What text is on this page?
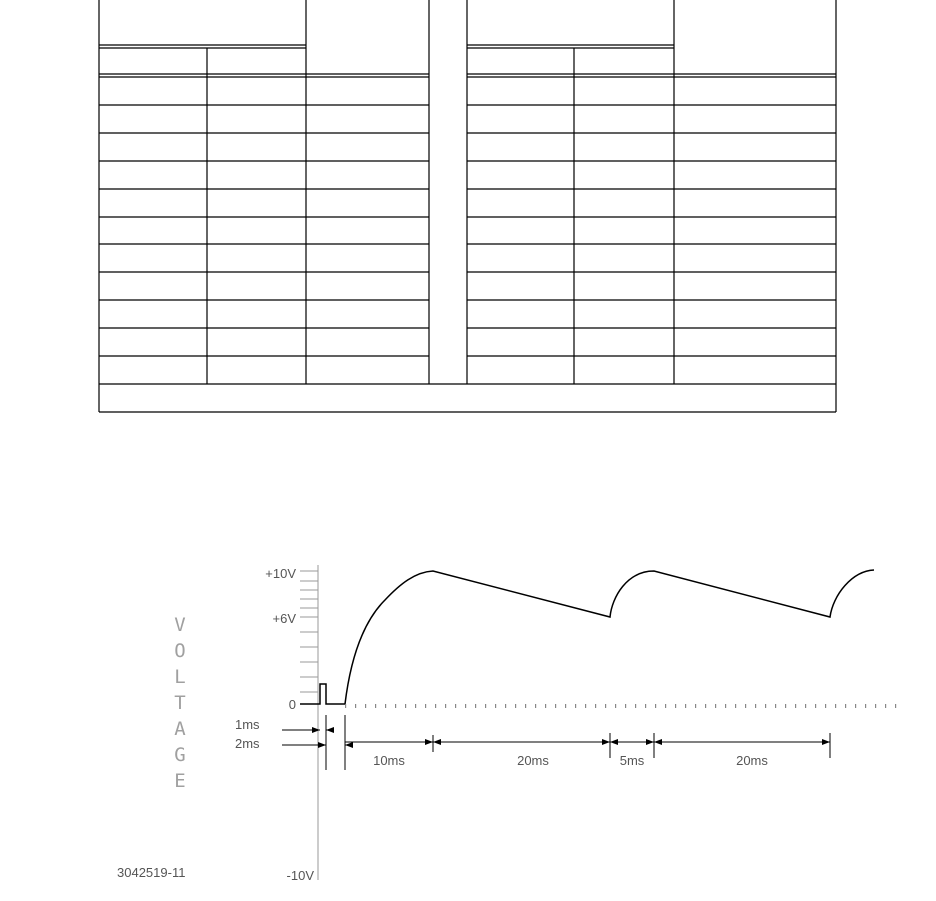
V
O
L
T
A
G
E
+10V
+6V
0
-10V
1ms
2ms
10ms	20ms	5ms	20ms
3042519-11
